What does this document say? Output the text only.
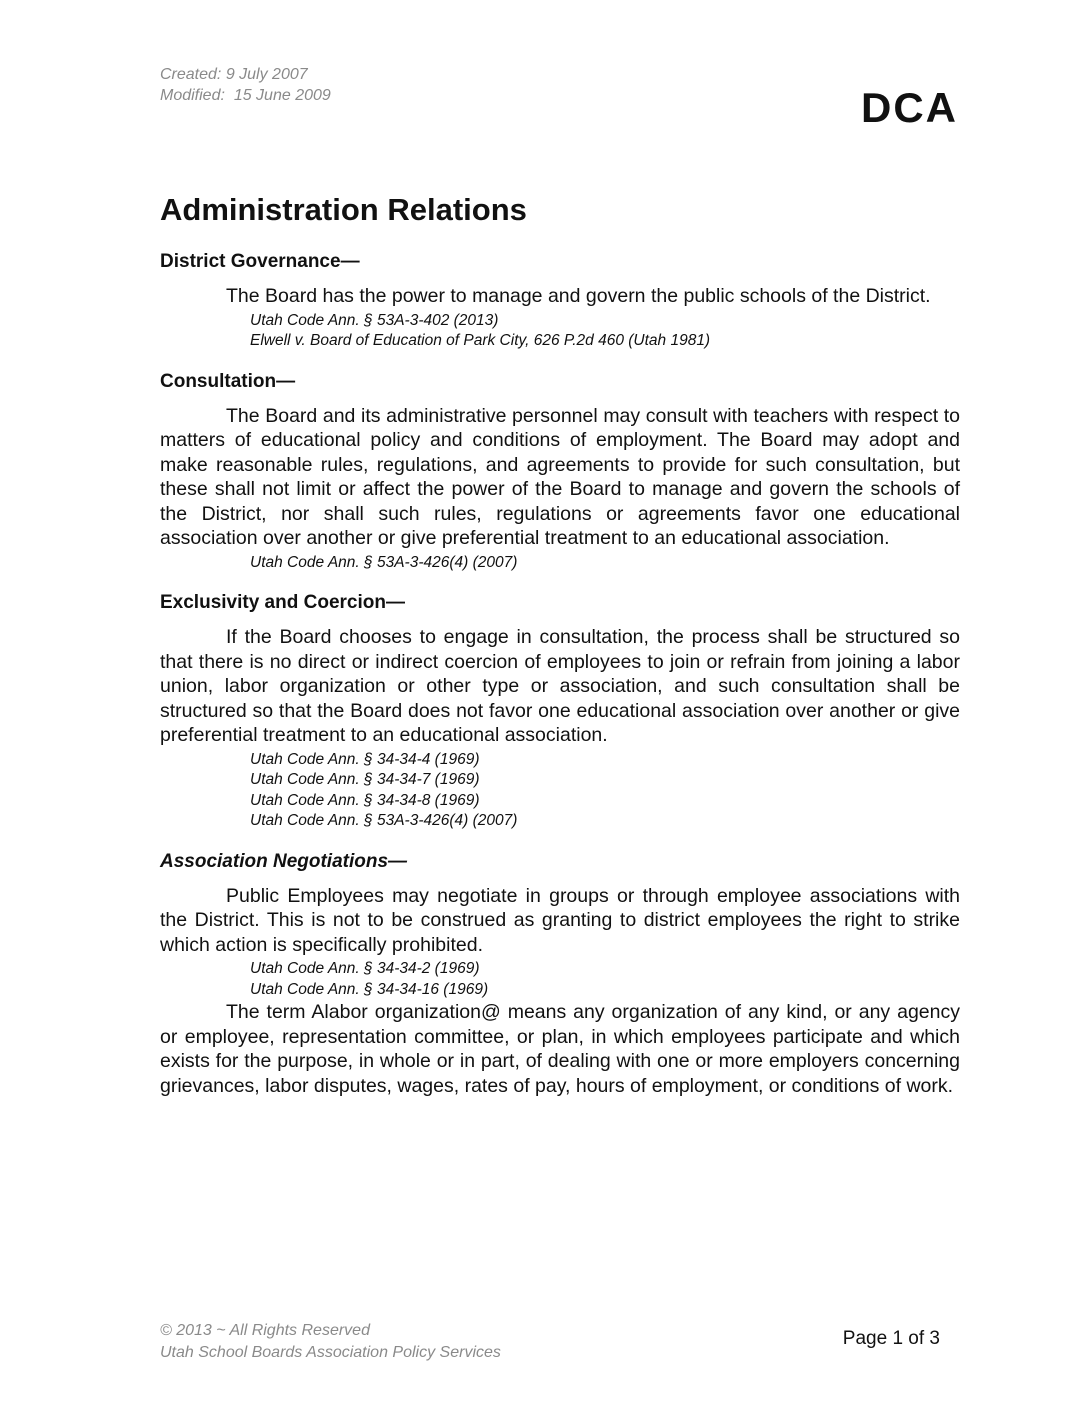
Created: 9 July 2007
Modified:  15 June 2009	DCA
Administration Relations
District Governance—

The Board has the power to manage and govern the public schools of the District.

Utah Code Ann. § 53A-3-402 (2013)
Elwell v. Board of Education of Park City, 626 P.2d 460 (Utah 1981)
Consultation—

The Board and its administrative personnel may consult with teachers with respect to matters of educational policy and conditions of employment. The Board may adopt and make reasonable rules, regulations, and agreements to provide for such consultation, but these shall not limit or affect the power of the Board to manage and govern the schools of the District, nor shall such rules, regulations or agreements favor one educational association over another or give preferential treatment to an educational association.

Utah Code Ann. § 53A-3-426(4) (2007)
Exclusivity and Coercion—

If the Board chooses to engage in consultation, the process shall be structured so that there is no direct or indirect coercion of employees to join or refrain from joining a labor union, labor organization or other type or association, and such consultation shall be structured so that the Board does not favor one educational association over another or give preferential treatment to an educational association.

Utah Code Ann. § 34-34-4 (1969)
Utah Code Ann. § 34-34-7 (1969)
Utah Code Ann. § 34-34-8 (1969)
Utah Code Ann. § 53A-3-426(4) (2007)
Association Negotiations—

Public Employees may negotiate in groups or through employee associations with the District. This is not to be construed as granting to district employees the right to strike which action is specifically prohibited.

Utah Code Ann. § 34-34-2 (1969)
Utah Code Ann. § 34-34-16 (1969)

The term Alabor organization@ means any organization of any kind, or any agency or employee, representation committee, or plan, in which employees participate and which exists for the purpose, in whole or in part, of dealing with one or more employers concerning grievances, labor disputes, wages, rates of pay, hours of employment, or conditions of work.

© 2013 ~ All Rights Reserved
Utah School Boards Association Policy Services
Page 1 of 3
